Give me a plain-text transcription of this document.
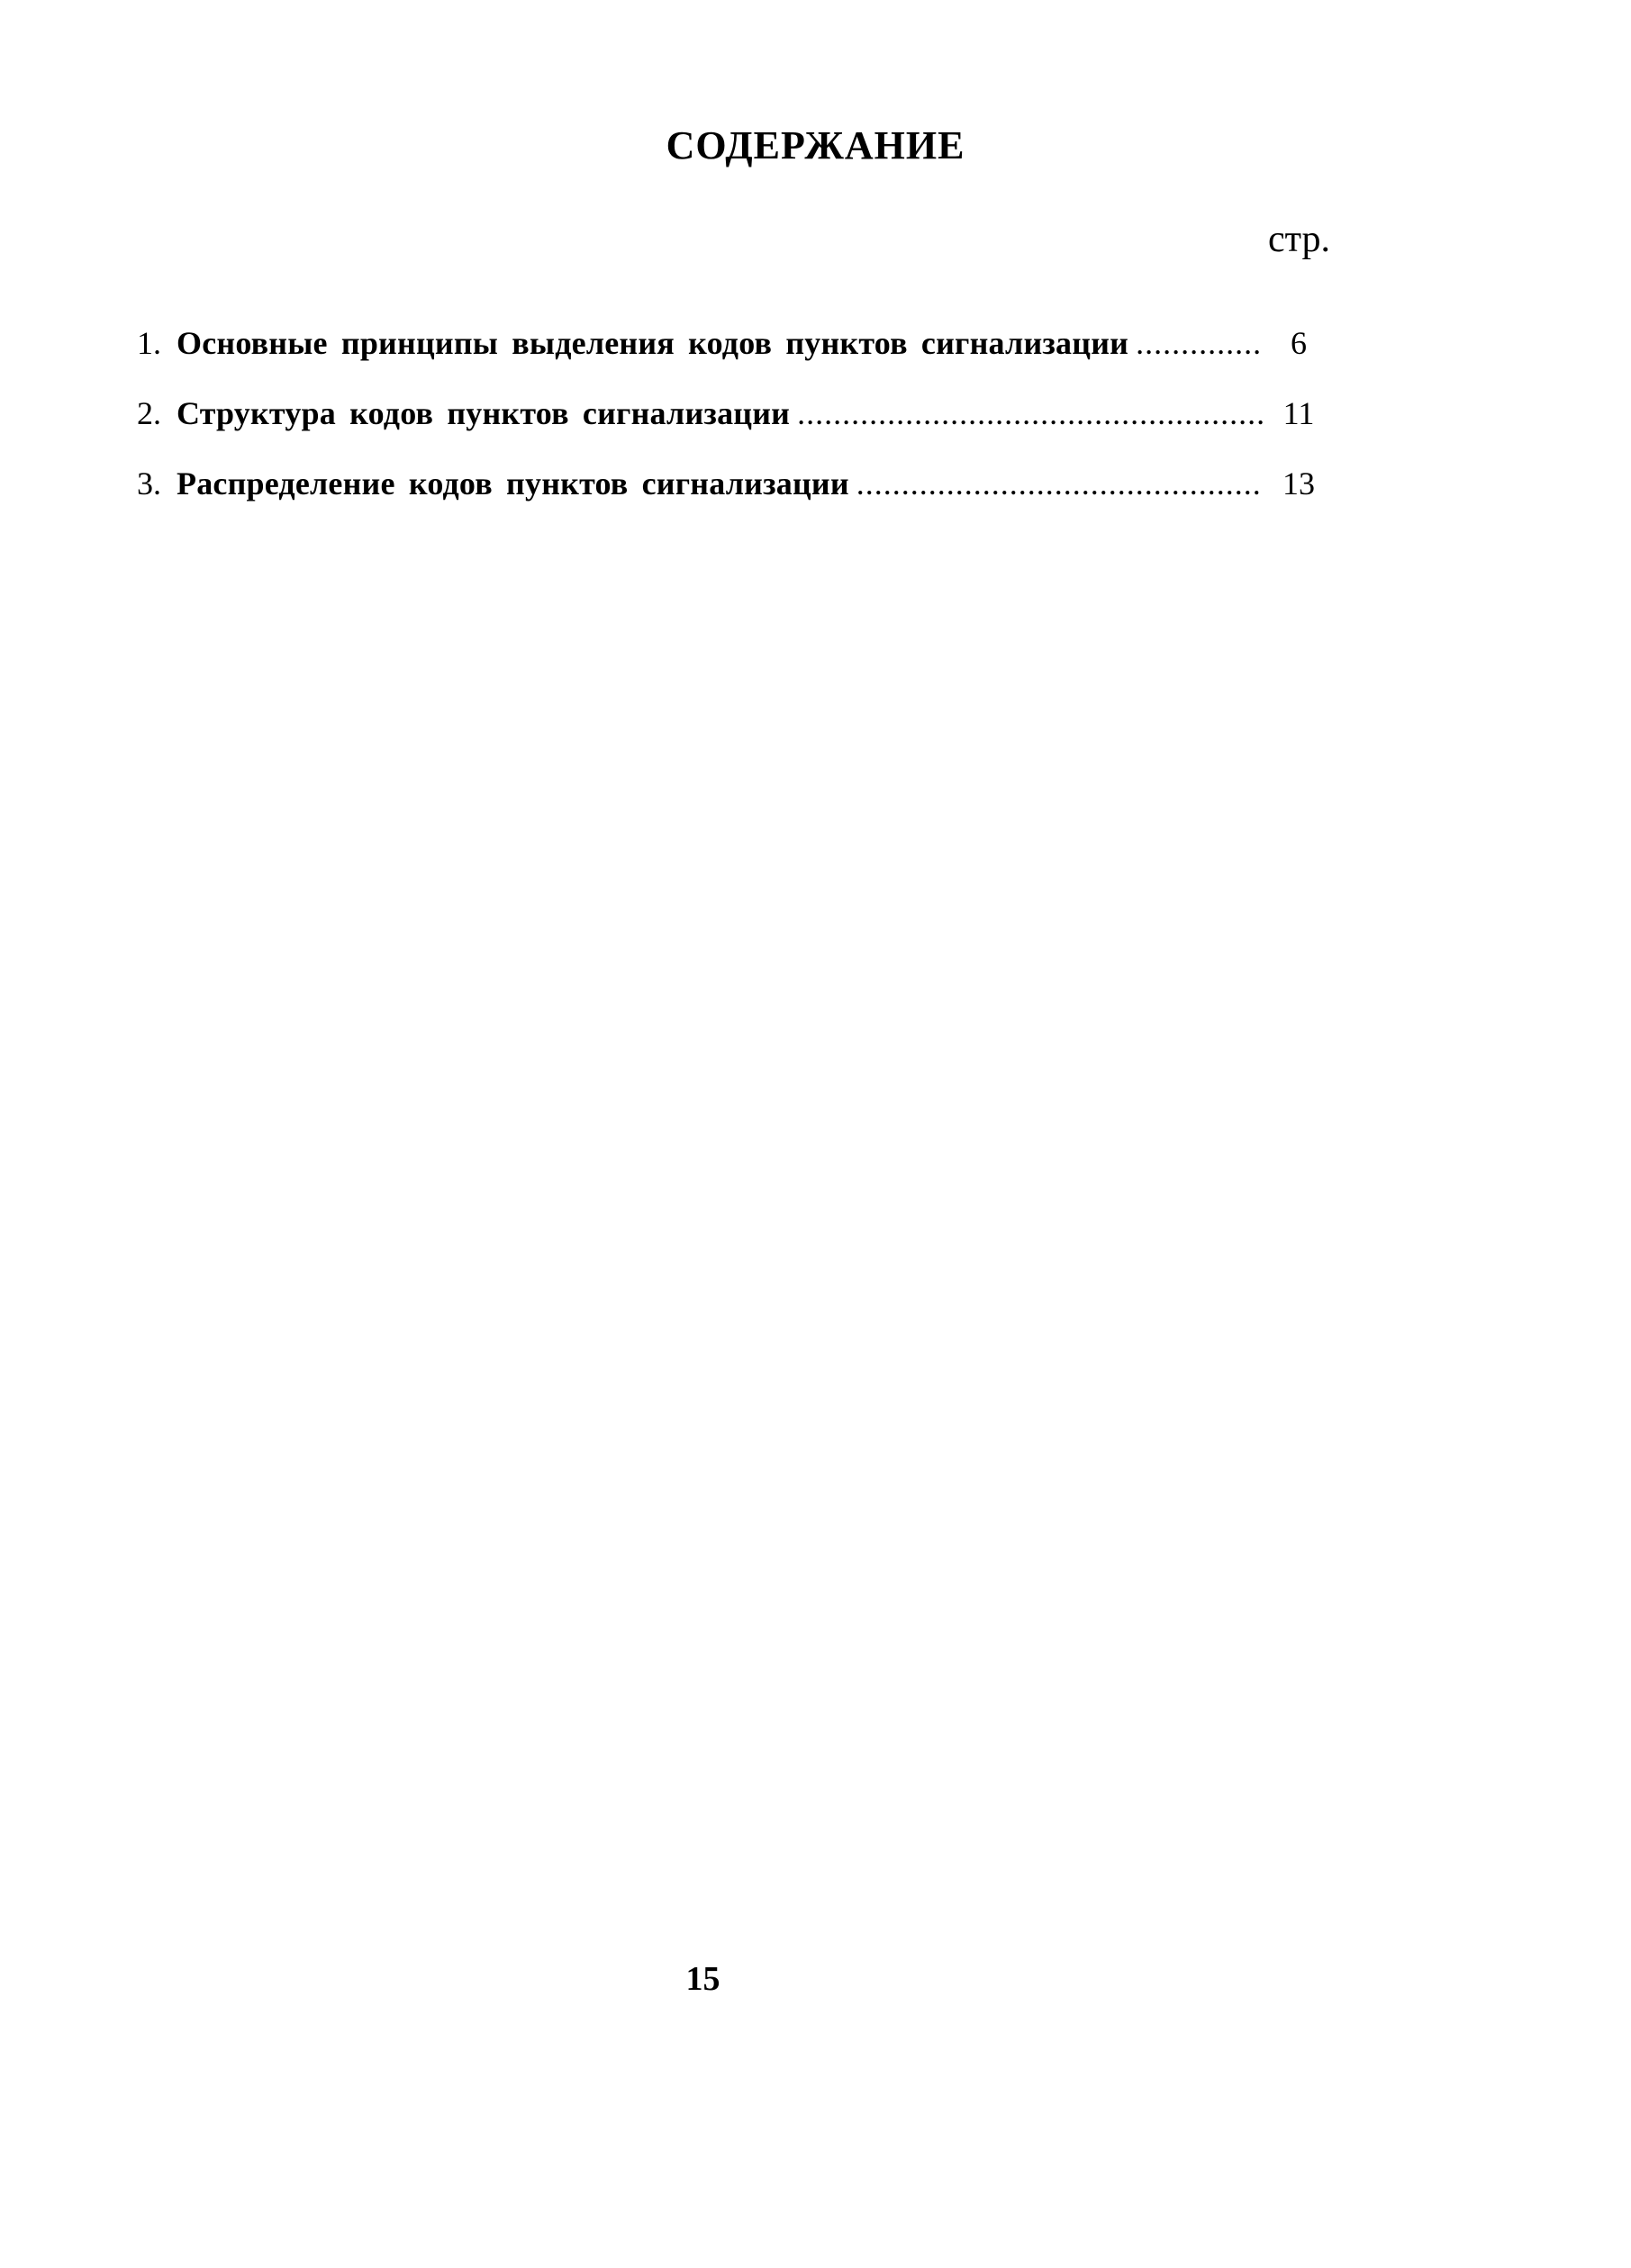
СОДЕРЖАНИЕ
стр.
1. Основные принципы выделения кодов пунктов сигнализации .....	6
2. Структура кодов пунктов сигнализации .....	11
3. Распределение кодов пунктов сигнализации .....	13
15
